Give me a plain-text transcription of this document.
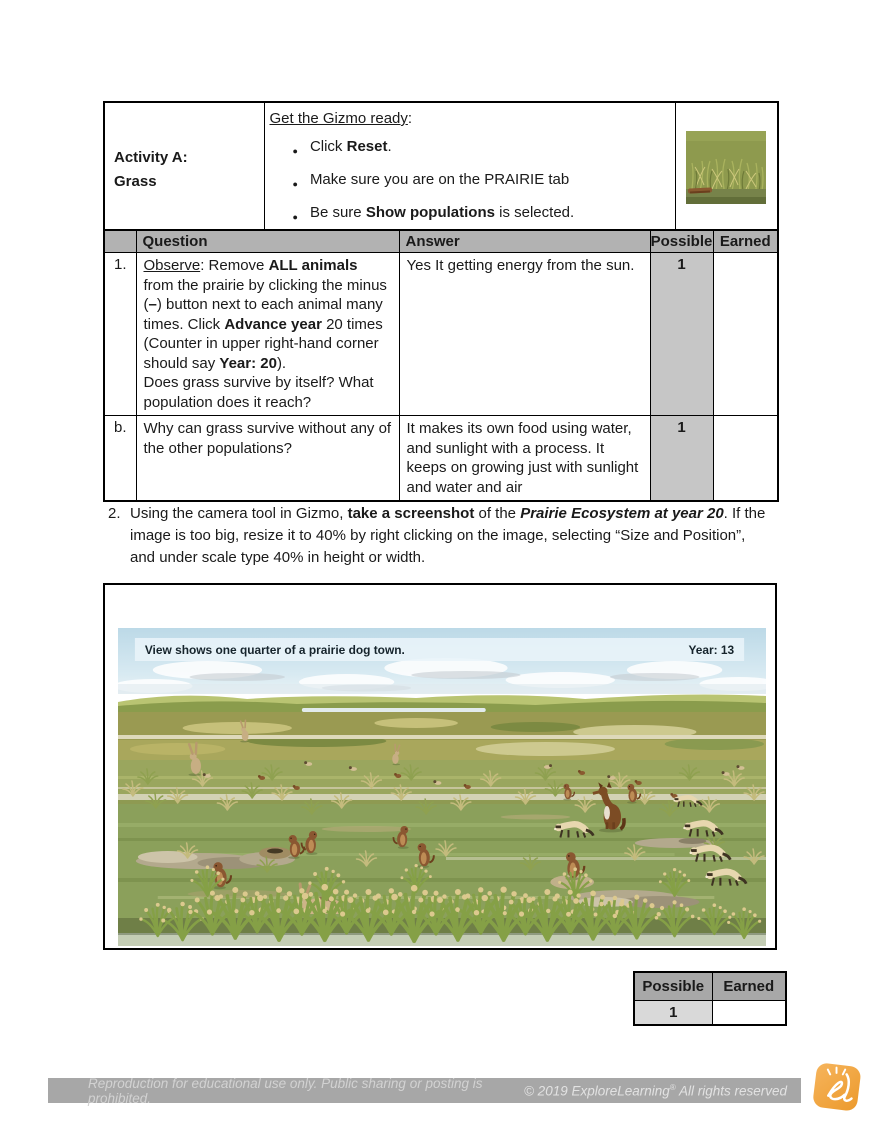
Activity A:
Grass

Get the Gizmo ready:
● Click Reset.
● Make sure you are on the PRAIRIE tab
● Be sure Show populations is selected.

	Question	Answer	Possible	Earned
1.	Observe: Remove ALL animals from the prairie by clicking the minus (–) button next to each animal many times. Click Advance year 20 times (Counter in upper right-hand corner should say Year: 20).
Does grass survive by itself? What population does it reach?	Yes It getting energy from the sun.	1	
b.	Why can grass survive without any of the other populations?	It makes its own food using water, and sunlight with a process. It keeps on growing just with sunlight and water and air	1	
2. Using the camera tool in Gizmo, take a screenshot of the Prairie Ecosystem at year 20. If the image is too big, resize it to 40% by right clicking on the image, selecting “Size and Position”, and under scale type 40% in height or width.
View shows one quarter of a prairie dog town.	Year: 13
Possible	Earned
1	
Reproduction for educational use only. Public sharing or posting is prohibited.	© 2019 ExploreLearning® All rights reserved
